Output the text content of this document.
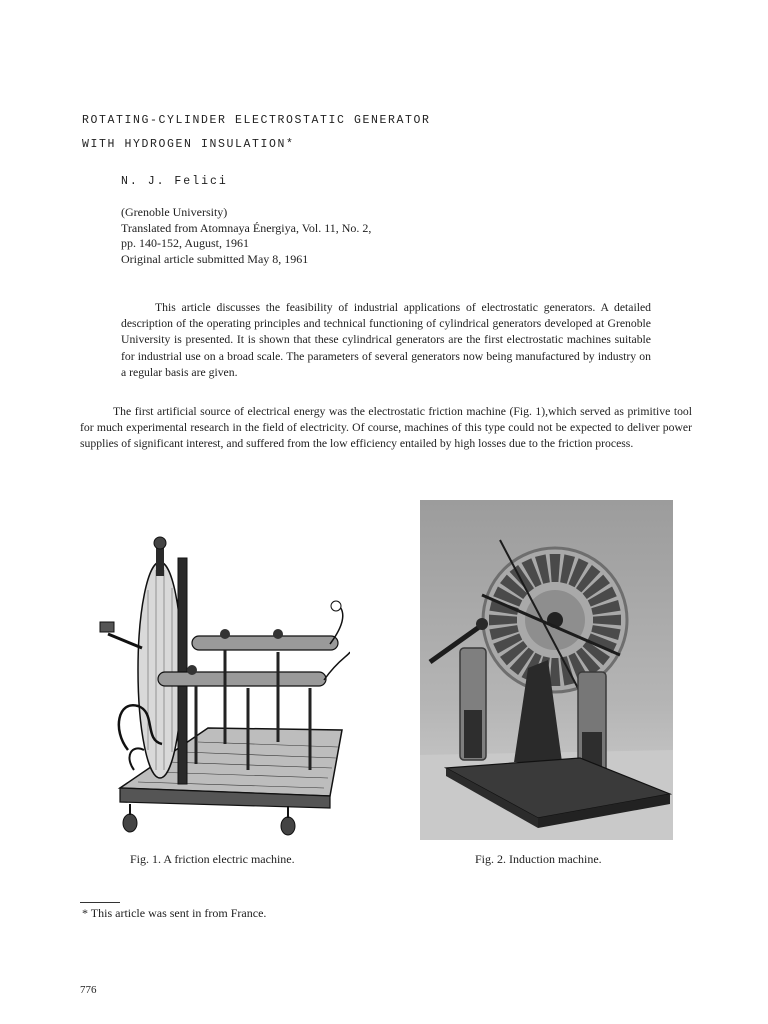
ROTATING-CYLINDER ELECTROSTATIC GENERATOR
WITH HYDROGEN INSULATION*
N. J. Felici
(Grenoble University)
Translated from Atomnaya Énergiya, Vol. 11, No. 2,
pp. 140-152, August, 1961
Original article submitted May 8, 1961
This article discusses the feasibility of industrial applications of electrostatic generators. A detailed description of the operating principles and technical functioning of cylindrical generators developed at Grenoble University is presented. It is shown that these cylindrical generators are the first electrostatic machines suitable for industrial use on a broad scale. The parameters of several generators now being manufactured by industry on a regular basis are given.
The first artificial source of electrical energy was the electrostatic friction machine (Fig. 1),which served as primitive tool for much experimental research in the field of electricity. Of course, machines of this type could not be expected to deliver power supplies of significant interest, and suffered from the low efficiency entailed by high losses due to the friction process.
Fig. 1. A friction electric machine.	Fig. 2. Induction machine.
* This article was sent in from France.
776
